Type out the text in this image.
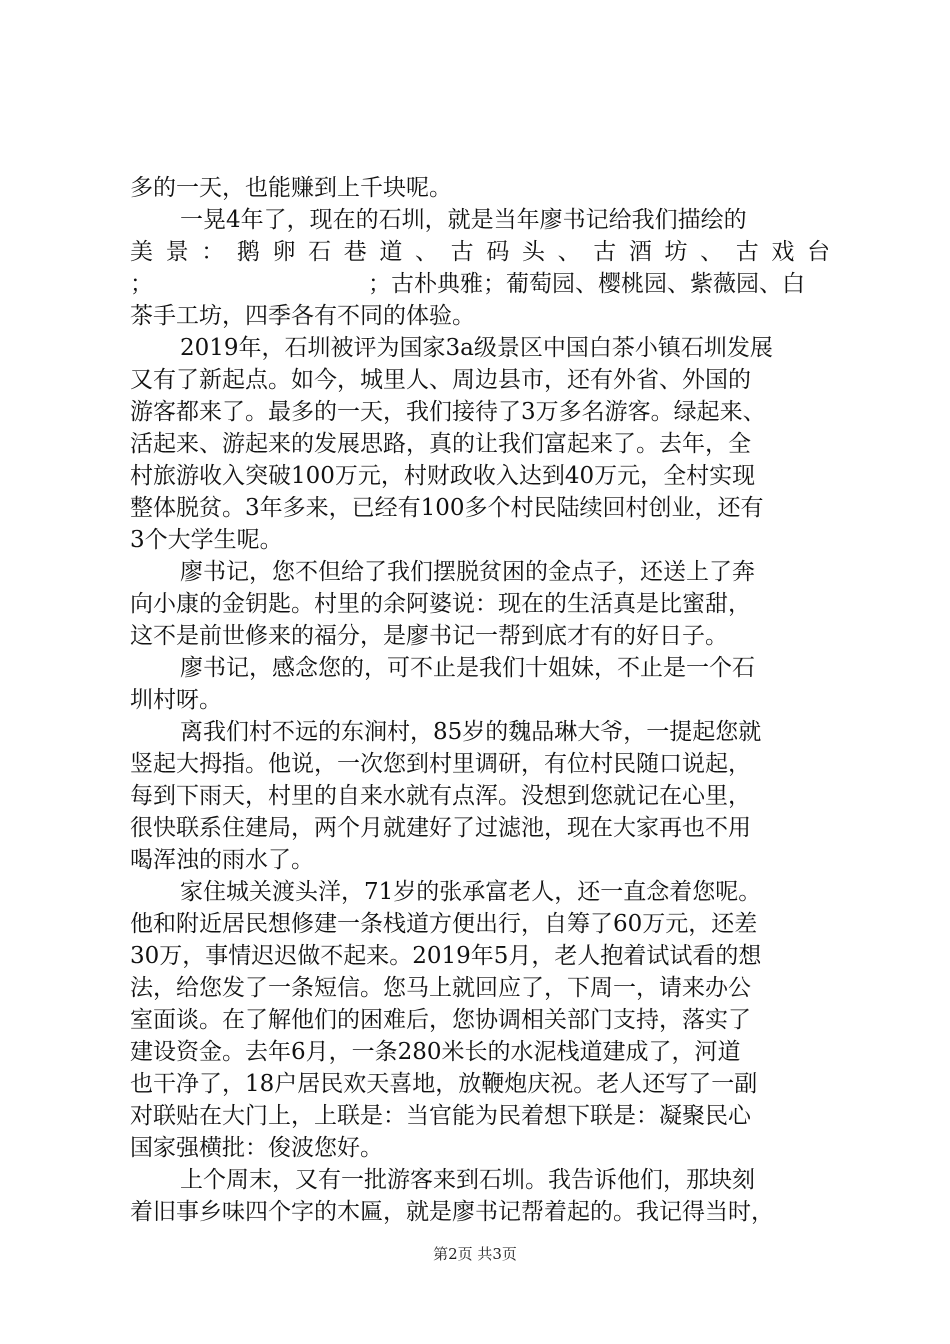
多的一天，也能赚到上千块呢。
一晃4年了，现在的石圳，就是当年廖书记给我们描绘的
美景：鹅卵石巷道、古码头、古酒坊、古戏台
；	；古朴典雅；葡萄园、樱桃园、紫薇园、白
茶手工坊，四季各有不同的体验。
2019年，石圳被评为国家3a级景区中国白茶小镇石圳发展
又有了新起点。如今，城里人、周边县市，还有外省、外国的
游客都来了。最多的一天，我们接待了3万多名游客。绿起来、
活起来、游起来的发展思路，真的让我们富起来了。去年，全
村旅游收入突破100万元，村财政收入达到40万元，全村实现
整体脱贫。3年多来，已经有100多个村民陆续回村创业，还有
3个大学生呢。
廖书记，您不但给了我们摆脱贫困的金点子，还送上了奔
向小康的金钥匙。村里的余阿婆说：现在的生活真是比蜜甜，
这不是前世修来的福分，是廖书记一帮到底才有的好日子。
廖书记，感念您的，可不止是我们十姐妹，不止是一个石
圳村呀。
离我们村不远的东涧村，85岁的魏品琳大爷，一提起您就
竖起大拇指。他说，一次您到村里调研，有位村民随口说起，
每到下雨天，村里的自来水就有点浑。没想到您就记在心里，
很快联系住建局，两个月就建好了过滤池，现在大家再也不用
喝浑浊的雨水了。
家住城关渡头洋，71岁的张承富老人，还一直念着您呢。
他和附近居民想修建一条栈道方便出行，自筹了60万元，还差
30万，事情迟迟做不起来。2019年5月，老人抱着试试看的想
法，给您发了一条短信。您马上就回应了，下周一，请来办公
室面谈。在了解他们的困难后，您协调相关部门支持，落实了
建设资金。去年6月，一条280米长的水泥栈道建成了，河道
也干净了，18户居民欢天喜地，放鞭炮庆祝。老人还写了一副
对联贴在大门上，上联是：当官能为民着想下联是：凝聚民心
国家强横批：俊波您好。
上个周末，又有一批游客来到石圳。我告诉他们，那块刻
着旧事乡味四个字的木匾，就是廖书记帮着起的。我记得当时，
第2页 共3页
